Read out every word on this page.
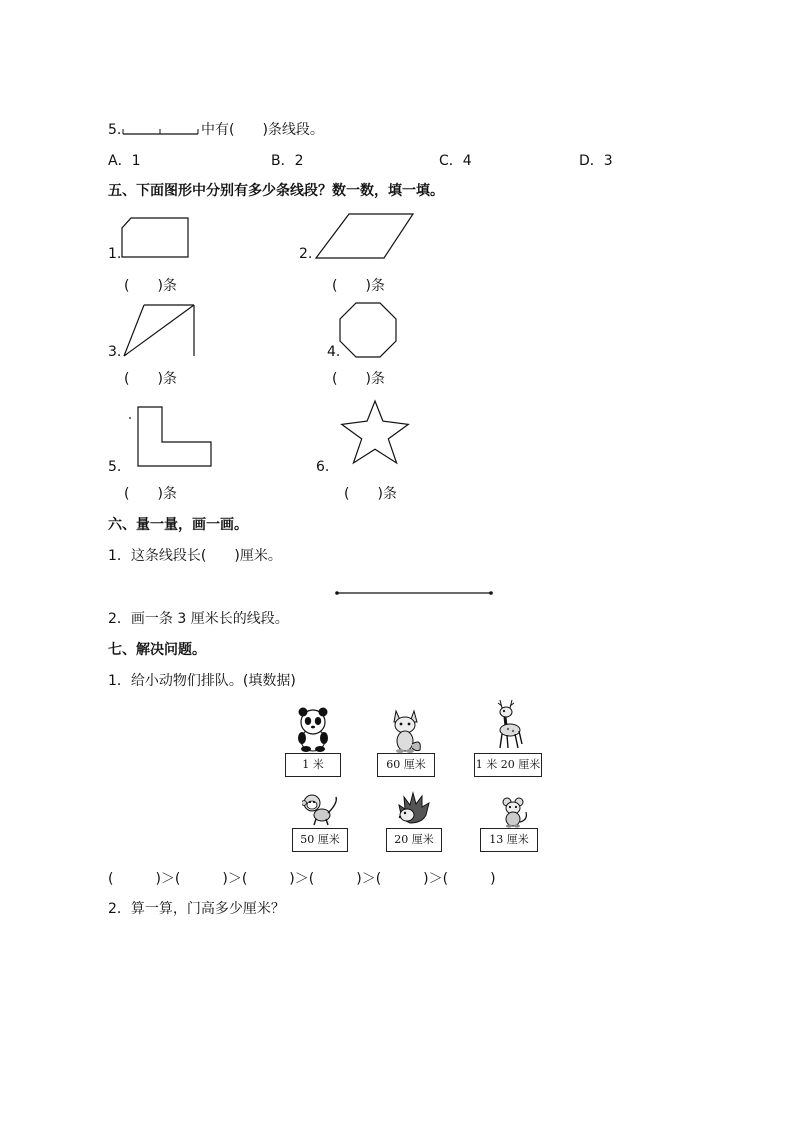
5.	中有(　　)条线段。
A．1	B．2	C．4	D．3
五、下面图形中分别有多少条线段？数一数，填一填。
1.
(　　)条
2.
(　　)条
3.
(　　)条
4.
(　　)条
5.
(　　)条
6.
(　　)条
六、量一量，画一画。
1．这条线段长(　　)厘米。
2．画一条 3 厘米长的线段。
七、解决问题。
1．给小动物们排队。(填数据)
1 米	60 厘米	1 米 20 厘米
50 厘米	20 厘米	13 厘米
(　　　)＞(　　　)＞(　　　)＞(　　　)＞(　　　)＞(　　　)
2．算一算，门高多少厘米？
